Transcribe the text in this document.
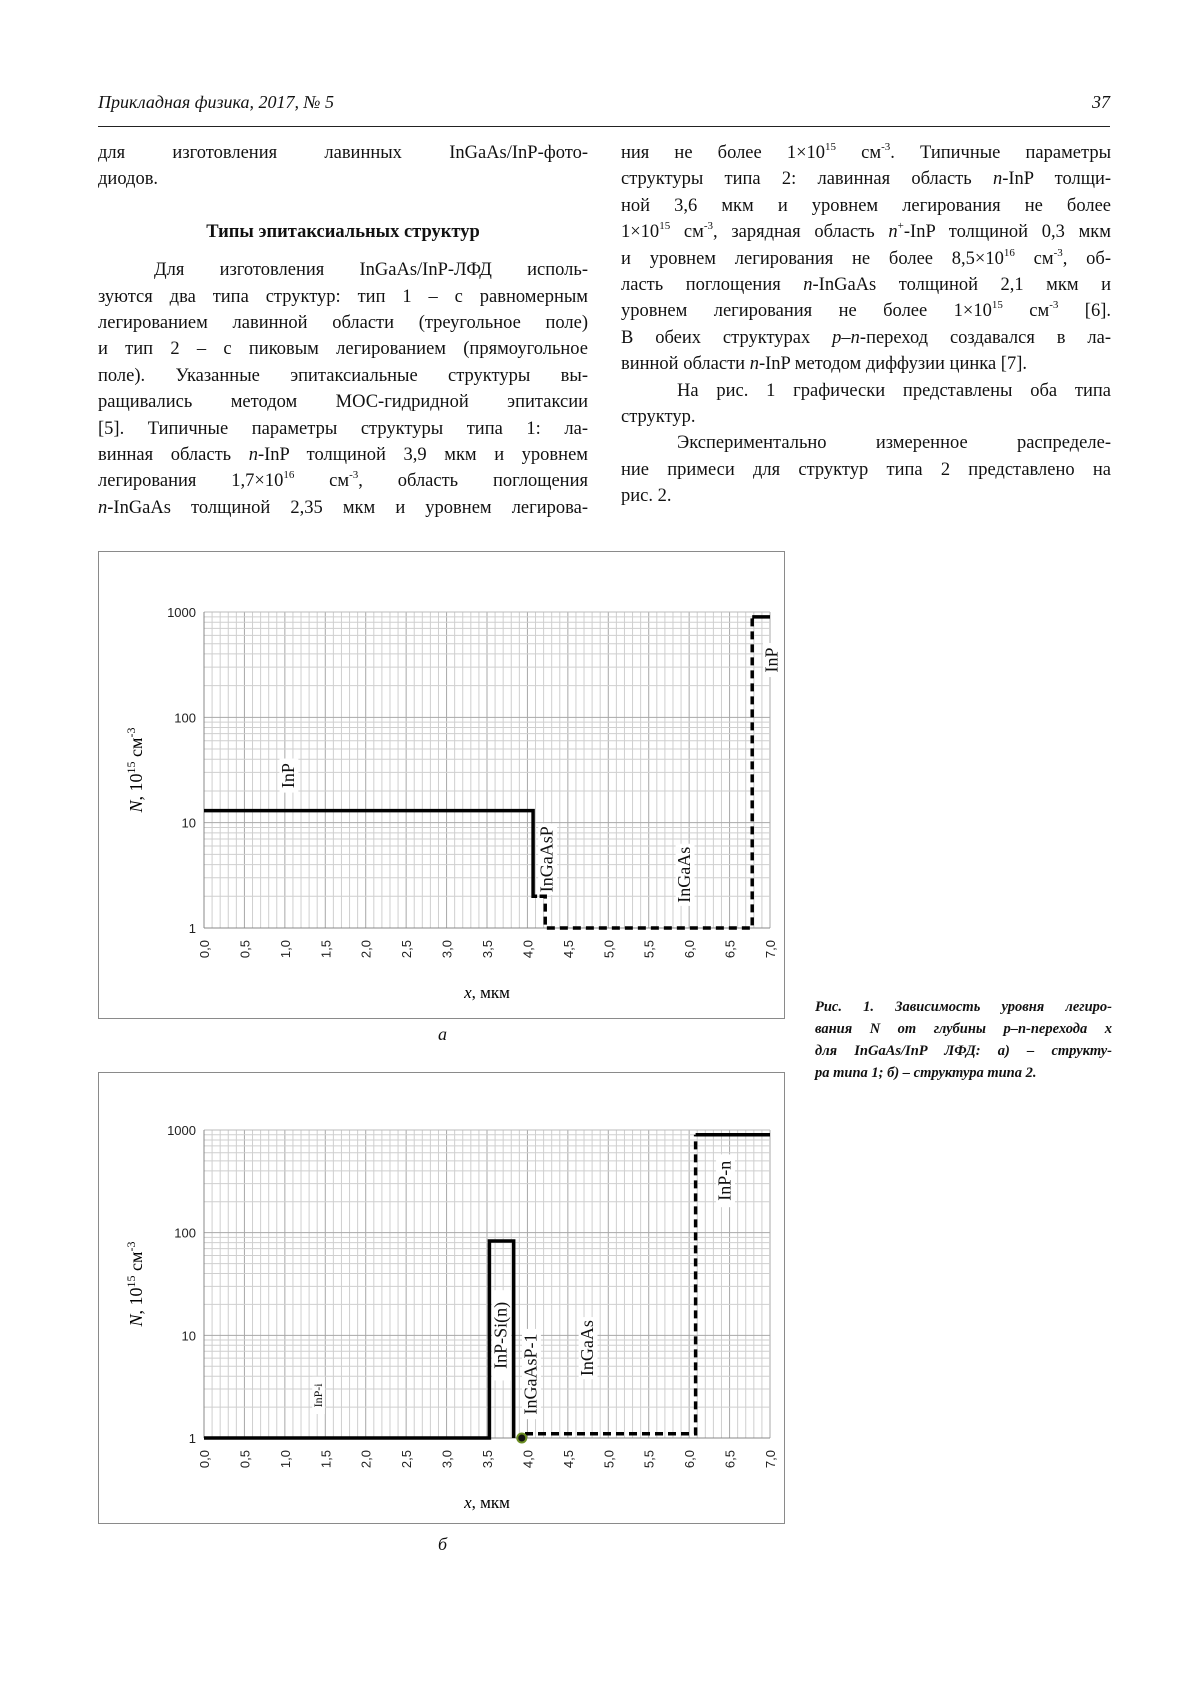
Прикладная физика, 2017, № 5	37
для изготовления лавинных InGaAs/InP-фото-
диодов.
Типы эпитаксиальных структур
Для изготовления InGaAs/InP-ЛФД исполь-
зуются два типа структур: тип 1 – с равномерным
легированием лавинной области (треугольное поле)
и тип 2 – с пиковым легированием (прямоугольное
поле). Указанные эпитаксиальные структуры вы-
ращивались методом МОС-гидридной эпитаксии
[5]. Типичные параметры структуры типа 1: ла-
винная область n-InP толщиной 3,9 мкм и уровнем
легирования $1,7\times 10^{16}$ $см^{-3}$, область поглощения
n-InGaAs толщиной 2,35 мкм и уровнем легирова-
ния не более $1\times 10^{15}$ $см^{-3}$. Типичные параметры
структуры типа 2: лавинная область n-InP толщи-
ной 3,6 мкм и уровнем легирования не более
$1\times 10^{15}$ $см^{-3}$, зарядная область n+-InP толщиной 0,3 мкм
и уровнем легирования не более $8,5\times 10^{16}$ $см^{-3}$, об-
ласть поглощения n-InGaAs толщиной 2,1 мкм и
уровнем легирования не более $1\times 10^{15}$ $см^{-3}$ [6].
В обеих структурах p–n-переход создавался в ла-
винной области n-InP методом диффузии цинка [7].
На рис. 1 графически представлены оба типа
структур.
Экспериментально измеренное распределе-
ние примеси для структур типа 2 представлено на
рис. 2.
1
10
100
1000
0,0 0,5 1,0 1,5 2,0 2,5 3,0 3,5 4,0 4,5 5,0 5,5 6,0 6,5 7,0
x, мкм
N, $10^{15}$ $см^{-3}$
InP
InGaAsP	InGaAs
InP
а
1
10
100
1000
0,0 0,5 1,0 1,5 2,0 2,5 3,0 3,5 4,0 4,5 5,0 5,5 6,0 6,5 7,0
x, мкм
N, $10^{15}$ $см^{-3}$
InP-i
InP-Si(n) InGaAsP-1 InGaAs
InP-n
б
Рис. 1. Зависимость уровня легиро-
вания N от глубины p–n-перехода x
для InGaAs/InP ЛФД: а) – структу-
ра типа 1; б) – структура типа 2.
